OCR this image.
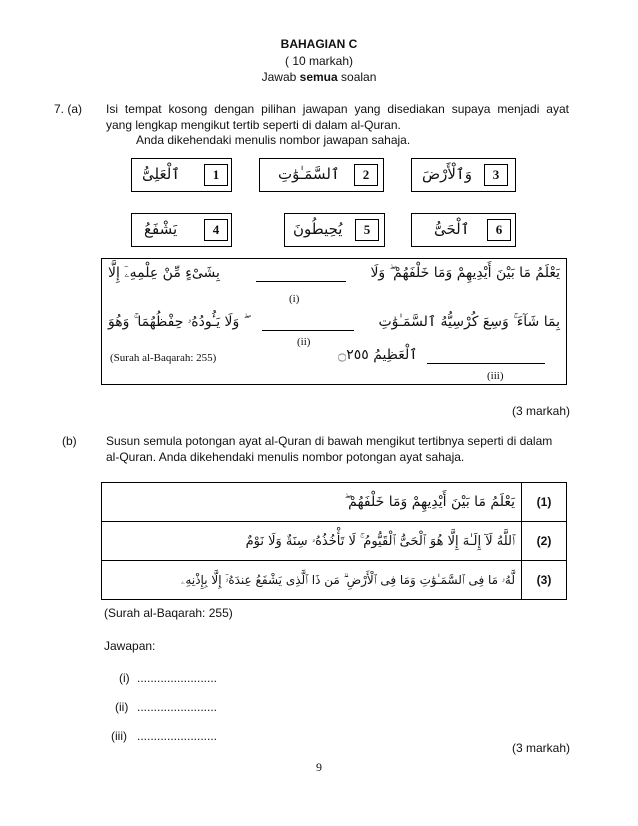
BAHAGIAN C
( 10 markah)
Jawab semua soalan
7. (a) Isi tempat kosong dengan pilihan jawapan yang disediakan supaya menjadi ayat
yang lengkap mengikut tertib seperti di dalam al-Quran.
Anda dikehendaki menulis nombor jawapan sahaja.
ٱلْعَلِىُّ	1	ٱلسَّمَـٰوَٰتِ	2	وَٱلْأَرْضَ	3
يَشْفَعُ	4	يُحِيطُونَ	5	ٱلْحَىُّ	6
يَعْلَمُ مَا بَيْنَ أَيْدِيهِمْ وَمَا خَلْفَهُمْ ۖ وَلَا
بِشَىْءٍ مِّنْ عِلْمِهِۦٓ إِلَّا
(i)
بِمَا شَآءَ ۚ وَسِعَ كُرْسِيُّهُ ٱلسَّمَـٰوَٰتِ
ۖ وَلَا يَـُٔودُهُۥ حِفْظُهُمَا ۚ وَهُوَ
(ii)
(Surah al-Baqarah: 255)	ٱلْعَظِيمُ ۝٢٥٥
(iii)
(3 markah)
(b) Susun semula potongan ayat al-Quran di bawah mengikut tertibnya seperti di dalam
al-Quran. Anda dikehendaki menulis nombor potongan ayat sahaja.
يَعْلَمُ مَا بَيْنَ أَيْدِيهِمْ وَمَا خَلْفَهُمْ ۖ	(1)

ٱللَّهُ لَآ إِلَـٰهَ إِلَّا هُوَ ٱلْحَىُّ ٱلْقَيُّومُ ۚ لَا تَأْخُذُهُۥ سِنَةٌ وَلَا نَوْمٌ	(2)

لَّهُۥ مَا فِى ٱلسَّمَـٰوَٰتِ وَمَا فِى ٱلْأَرْضِ ۗ مَن ذَا ٱلَّذِى يَشْفَعُ عِندَهُۥٓ إِلَّا بِإِذْنِهِۦ	(3)
(Surah al-Baqarah: 255)
Jawapan:
(i) ........................
(ii) ........................
(iii) ........................
(3 markah)
9
